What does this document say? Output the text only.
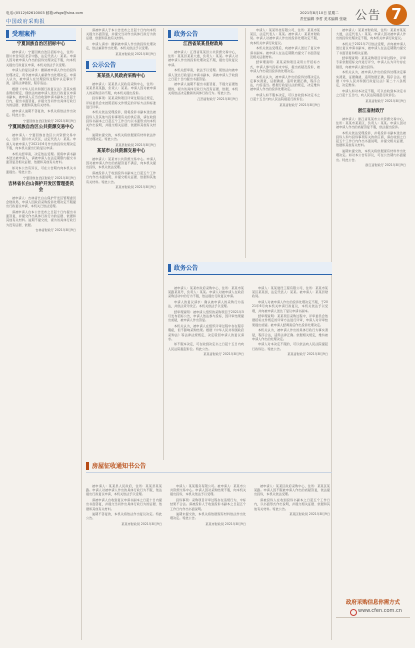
电话:(0512)62610003 邮箱:zfsgs@sina.com	2021年8月10日 星期二
责任编辑 李哲 美术编辑 张晓
中国政府采购报	公告 7
受理案件
宁夏回族自治区招标中心

被申请人：宁夏回族自治区招标中心，住所：银川市金凤区北京中路，法定代表人：某某。申请人因对被申请人作出的投诉处理决定不服，向本机关提出行政复议申请，本机关依法予以受理。

申请人的复议请求：撤销被申请人作出的投诉处理决定，责令被申请人重新作出处理决定。申请人认为，被申请人在处理投诉过程中认定事实不清，适用法律错误，程序违法。

根据《中华人民共和国行政复议法》及其实施条例的规定，现依法向被申请人送达行政复议申请书副本，被申请人应当自收到申请书副本之日起十日内，提出书面答复，并提交当初作出具体行政行为的证据、依据和其他有关材料。

被申请人逾期不答复的，本机关将依法作出决定。特此公告。

宁夏回族自治区财政厅 2021年8月9日

宁夏回族自治区公共资源交易中心

被申请人：宁夏回族自治区公共资源交易中心，住所：银川市兴庆区，法定代表人：某某。申请人对被申请人于2021年6月作出的投诉处理决定不服，向本机关提出行政复议申请。

本机关经审查，决定依法受理。现将申请书副本送达被申请人，请被申请人在法定期限内提交书面答复及相关证据、依据和其他有关材料。

如对本公告有异议，可在公告期内向本机关书面提出。特此公告。

宁夏回族自治区财政厅 2021年8月9日

吉林省长白山保护开发区管理委员会

被申请人：吉林省长白山保护开发区管理委员会财政局，申请人因政府采购投诉处理决定不服提出行政复议申请，本机关已依法受理。

请被申请人自本公告发布之日起十日内提出书面答复，并提交作出具体行政行为的证据、依据和其他有关材料。逾期不提交的，视为该具体行政行为没有证据、依据。

吉林省财政厅 2021年8月9日

请被申请人于本公告发布之日起十日内向本机关提交书面答复，并提交当初作出具体行政行为的证据、依据和其他有关材料。

申请人请求：撤销被申请人作出的投诉处理决定，依法重新作出处理。本机关依法予以受理。

某某市财政局 2021年8月9日

公示公告
某某县人民政府采购中心

被申请人：某某县人民政府采购中心，住所：某某县某某路，负责人：某某。申请人因对被申请人的采购活动不服，向本机关提出投诉。

投诉事项：某某采购项目评审过程违反规定，评标委员会未按照招标文件规定的评标方法和标准进行评审。

本机关依法受理投诉，现将投诉书副本送达被投诉人及其他与投诉事项有关的供应商，请在收到投诉书副本之日起五个工作日内以书面形式向本机关作出说明，并提交相关证据、依据和其他有关材料。

逾期未提交的，本机关将依据现有材料依法作出处理决定。特此公告。

某某县财政局 2021年8月9日

某某市公共资源交易中心

被申请人：某某市公共资源交易中心。申请人因对被申请人作出的质疑答复不满意，向本机关提出投诉，本机关依法受理。

请被投诉人于收到投诉书副本之日起五个工作日内作出书面说明，并提交相关证据、依据和其他有关材料。特此公告。

某某市财政局 2021年8月9日

政务公告
江西省某某县财政局

被申请人：江西省某某县公共资源交易中心，住所：某某县某某大道，负责人：某某。申请人对被申请人作出的投诉处理决定不服，提出行政复议申请。

本机关经审查，依法予以受理。现依法向被申请人送达行政复议申请书副本，请被申请人于收到之日起十日内提出书面答复。

被申请人逾期不提出书面答复、不提交证据依据的，视为该具体行政行为没有证据、依据，本机关将依法决定撤销该具体行政行为。特此公告。

江西省财政厅 2021年8月9日

申请人：某某科技有限公司，住所：某某市某某区，法定代表人：某某。被申请人：某某市财政局。申请人对被申请人作出的投诉处理决定不服，向本机关申请行政复议。

本机关依法受理后，向被申请人送达了复议申请书副本。被申请人在法定期限内提交了书面答复及相关证据材料。

经审理查明：某某采购项目采用公开招标方式，申请人参与投标未中标，提出质疑及投诉，被申请人作出驳回投诉的处理决定。

本机关认为，被申请人作出的投诉处理决定认定事实清楚，证据确凿，适用依据正确，程序合法，内容适当。根据行政复议法的规定，决定维持被申请人作出的投诉处理决定。

申请人如不服本决定，可以自收到本决定书之日起十五日内向人民法院提起行政诉讼。

某某省财政厅 2021年8月9日

政务公告

被申请人：某某市政府采购中心，住所：某某市某某路某某号，负责人：某某。申请人对被申请人在政府采购活动中的行为不服，依法提出行政复议申请。

申请人的复议请求：确认被申请人的采购行为违法，并依法责令改正。本机关依法予以受理。

经审理查明：被申请人组织的采购项目于2021年5月发布招标公告，申请人依法参与投标，因评审结果提出质疑，被申请人作出答复。

本机关认为，被申请人在组织评审过程中存在程序瑕疵，但不影响采购结果。根据《中华人民共和国政府采购法》等法律法规规定，决定驳回申请人的复议请求。

如不服本决定，可在收到决定书之日起十五日内向人民法院提起诉讼。特此公告。

某某省财政厅 2021年8月9日

申请人：某某建设工程有限公司，住所：某某市某某区某某街，法定代表人：某某。被申请人：某某县财政局。

申请人对被申请人作出的投诉处理决定不服，于2021年6月向本机关申请行政复议，本机关依法予以受理，并向被申请人送达了复议申请书副本。

经审理查明：某某项目采购过程中，评审委员会依据招标文件规定的评审方法进行评审，申请人对评审结果提出质疑。被申请人经调查后作出投诉处理决定。

本机关认为，被申请人作出的具体行政行为事实清楚，程序合法，适用法律正确。依据相关规定，维持被申请人作出的处理决定。

申请人对本决定不服的，可以依法向人民法院提起行政诉讼。特此公告。

某某省财政厅 2021年8月9日

被申请人：某某市财政局，住所：某某市某某大道，法定代表人：某某。申请人因对被申请人作出的投诉处理决定不服，向本机关申请行政复议。

本机关于2021年7月依法受理，并向被申请人送达复议申请书副本，被申请人在法定期限内提交了书面答复和相关证据。

经审理查明：某某采购项目评审过程中，评审专家依据招标文件进行评分，申请人认为评分存在错误，向被申请人提出投诉。

本机关认为，被申请人作出的投诉处理决定事实清楚，证据确凿，适用依据正确，程序合法。根据《中华人民共和国行政复议法》第二十八条规定，决定维持。

申请人如对本决定不服，可以自收到本决定书之日起十五日内，向人民法院提起行政诉讼。

某某省财政厅 2021年8月9日

浙江省财政厅

被申请人：浙江省某某市公共资源交易中心，住所：某某市某某区，负责人：某某。申请人因对被申请人作出的质疑答复不服，依法提出投诉。

本机关依法受理投诉，并将投诉书副本送达被投诉人和与投诉事项有关的供应商，请在收到之日起五个工作日内作出书面说明，并提交相关证据、依据和其他有关材料。

逾期未提交的，本机关将依据现有材料作出处理决定。如对本公告有异议，可在公告期内书面提出。特此公告。

浙江省财政厅 2021年8月9日

房屋征收通知书公告

被申请人：某某县人民政府，住所：某某县某某路。申请人对被申请人作出的具体行政行为不服，依法提出行政复议申请，本机关依法予以受理。

请被申请人自收到复议申请书副本之日起十日内提出书面答复，并提交当初作出具体行政行为的证据、依据和其他有关材料。

逾期不答复的，本机关将依法作出复议决定。特此公告。

某某市财政局 2021年8月9日

申请人：某某服务有限公司。被申请人：某某市公共资源交易中心。申请人因对采购结果不服，向本机关提出投诉，本机关依法予以受理。

投诉事项：采购项目评审过程存在违规行为，中标结果不合法。请被投诉人于收到投诉书副本之日起五个工作日内作出书面说明。

逾期未提交的，本机关将依据现有材料依法作出处理决定。特此公告。

某某市财政局 2021年8月9日

被申请人：某某区政府采购中心，住所：某某区某某路。申请人因不服被申请人作出的质疑答复，依法提出投诉，本机关依法受理。

请被投诉人在收到投诉书副本之日起五个工作日内，以书面形式作出说明，并提交相关证据、依据和其他有关材料。特此公告。

某某区财政局 2021年8月9日

政府采购信息你需方式
www.cfen.com.cn
